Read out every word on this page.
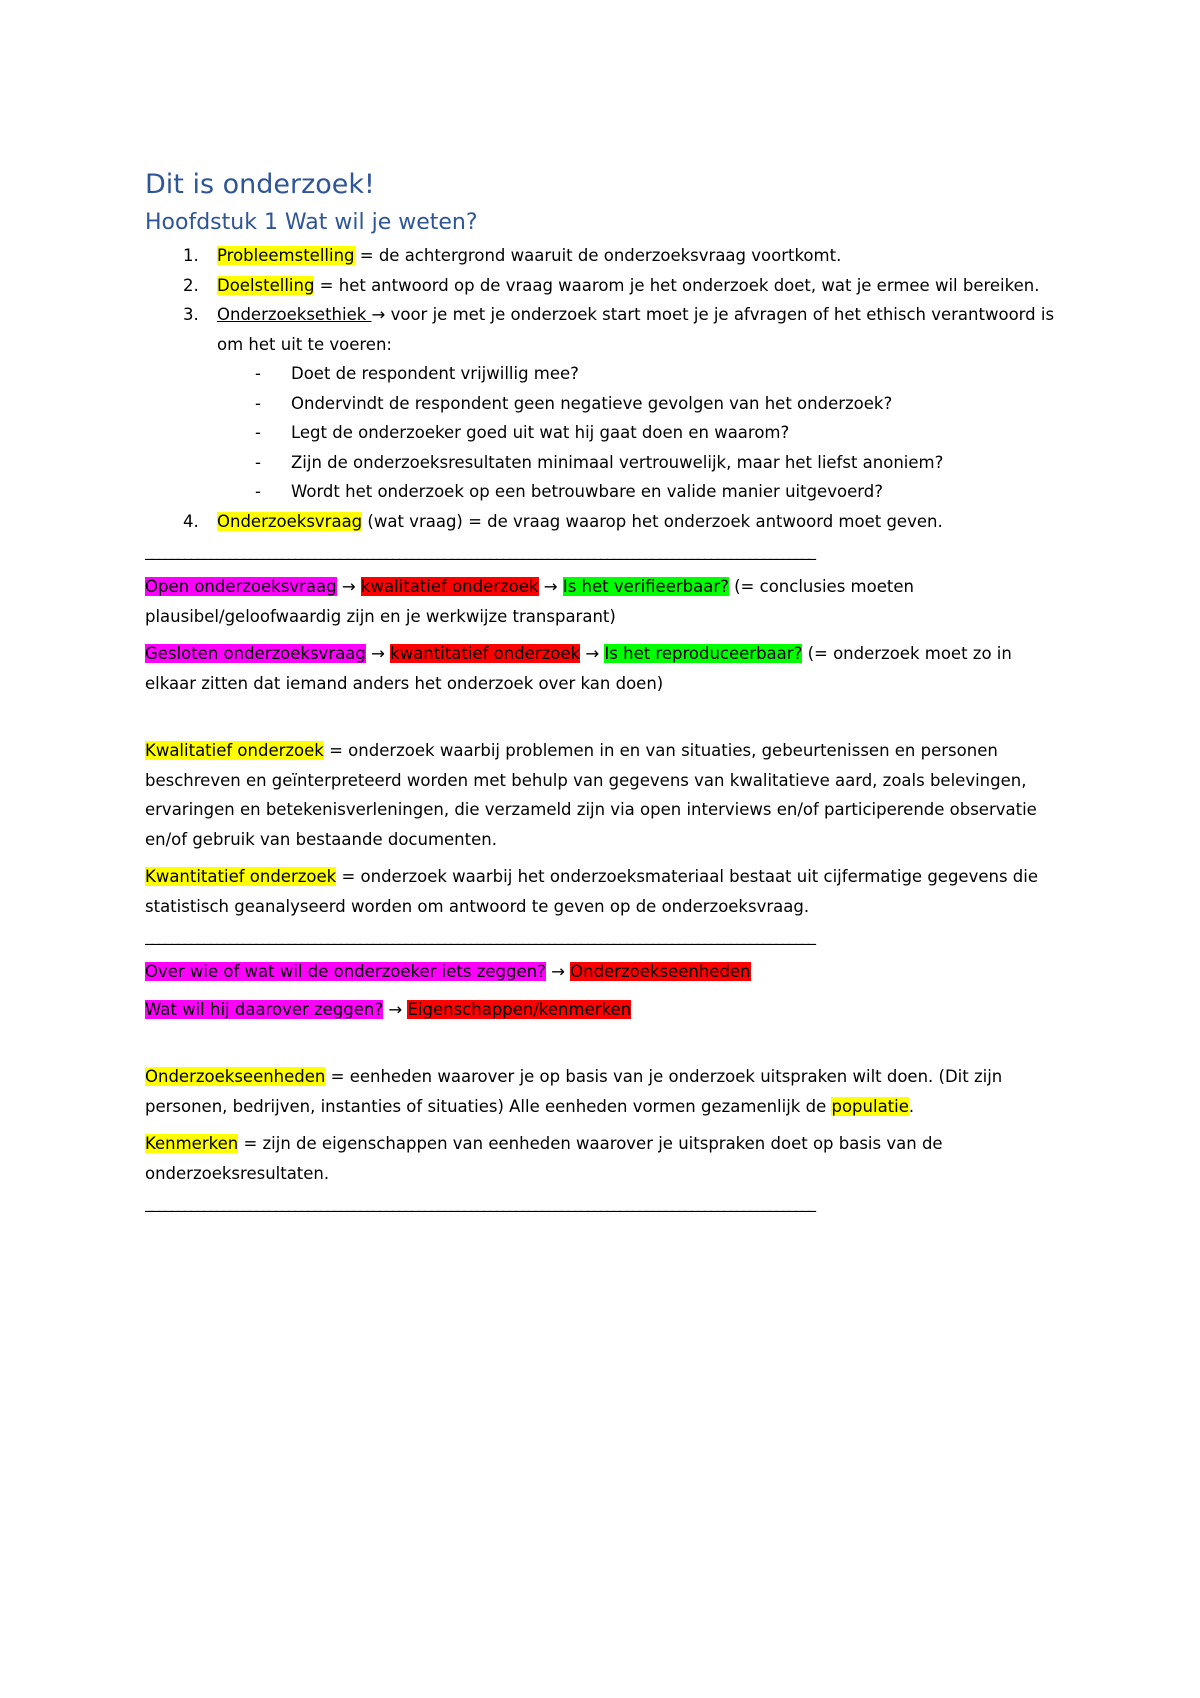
Dit is onderzoek!
Hoofdstuk 1 Wat wil je weten?
1. Probleemstelling = de achtergrond waaruit de onderzoeksvraag voortkomt.
2. Doelstelling = het antwoord op de vraag waarom je het onderzoek doet, wat je ermee wil bereiken.
3. Onderzoeksethiek → voor je met je onderzoek start moet je je afvragen of het ethisch verantwoord is om het uit te voeren:
- Doet de respondent vrijwillig mee?
- Ondervindt de respondent geen negatieve gevolgen van het onderzoek?
- Legt de onderzoeker goed uit wat hij gaat doen en waarom?
- Zijn de onderzoeksresultaten minimaal vertrouwelijk, maar het liefst anoniem?
- Wordt het onderzoek op een betrouwbare en valide manier uitgevoerd?
4. Onderzoeksvraag (wat vraag) = de vraag waarop het onderzoek antwoord moet geven.
_______________________________________________________________________________________________________
Open onderzoeksvraag → kwalitatief onderzoek → Is het verifieerbaar? (= conclusies moeten plausibel/geloofwaardig zijn en je werkwijze transparant)
Gesloten onderzoeksvraag → kwantitatief onderzoek → Is het reproduceerbaar? (= onderzoek moet zo in elkaar zitten dat iemand anders het onderzoek over kan doen)
Kwalitatief onderzoek = onderzoek waarbij problemen in en van situaties, gebeurtenissen en personen beschreven en geïnterpreteerd worden met behulp van gegevens van kwalitatieve aard, zoals belevingen, ervaringen en betekenisverleningen, die verzameld zijn via open interviews en/of participerende observatie en/of gebruik van bestaande documenten.
Kwantitatief onderzoek = onderzoek waarbij het onderzoeksmateriaal bestaat uit cijfermatige gegevens die statistisch geanalyseerd worden om antwoord te geven op de onderzoeksvraag.
_______________________________________________________________________________________________________
Over wie of wat wil de onderzoeker iets zeggen? → Onderzoekseenheden
Wat wil hij daarover zeggen? → Eigenschappen/kenmerken
Onderzoekseenheden = eenheden waarover je op basis van je onderzoek uitspraken wilt doen. (Dit zijn personen, bedrijven, instanties of situaties) Alle eenheden vormen gezamenlijk de populatie.
Kenmerken = zijn de eigenschappen van eenheden waarover je uitspraken doet op basis van de onderzoeksresultaten.
_______________________________________________________________________________________________________
